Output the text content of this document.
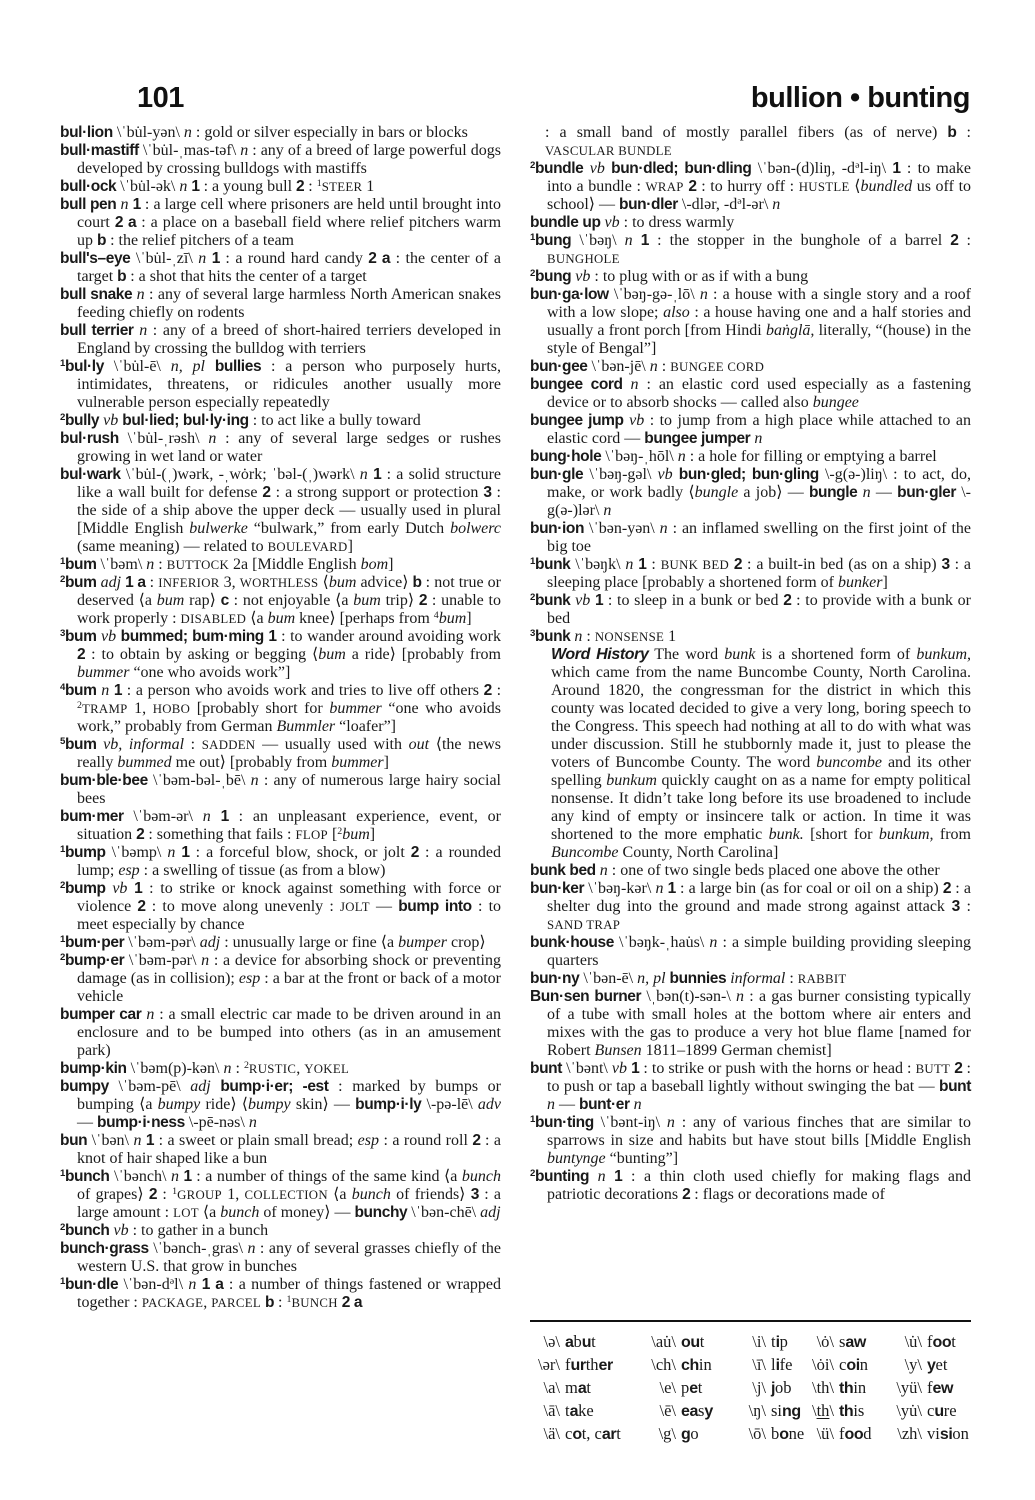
101	bullion • bunting

bul·lion \ˈbu̇l-yən\ n : gold or silver especially in bars or blocks

bull·mastiff \ˈbu̇l-ˌmas-təf\ n : any of a breed of large powerful dogs developed by crossing bulldogs with mastiffs

bull·ock \ˈbu̇l-ək\ n 1 : a young bull 2 : $^1$STEER 1

bull pen n 1 : a large cell where prisoners are held until brought into court 2 a : a place on a baseball field where relief pitchers warm up b : the relief pitchers of a team

bull's–eye \ˈbu̇l-ˌzī\ n 1 : a round hard candy 2 a : the center of a target b : a shot that hits the center of a target

bull snake n : any of several large harmless North American snakes feeding chiefly on rodents

bull terrier n : any of a breed of short-haired terriers developed in England by crossing the bulldog with terriers

$^1$bul·ly \ˈbu̇l-ē\ n, pl bullies : a person who purposely hurts, intimidates, threatens, or ridicules another usually more vulnerable person especially repeatedly

$^2$bully vb bul·lied; bul·ly·ing : to act like a bully toward

bul·rush \ˈbu̇l-ˌrəsh\ n : any of several large sedges or rushes growing in wet land or water

bul·wark \ˈbu̇l-(ˌ)wərk, -ˌwȯrk; ˈbəl-(ˌ)wərk\ n 1 : a solid structure like a wall built for defense 2 : a strong support or protection 3 : the side of a ship above the upper deck — usually used in plural [Middle English bulwerke “bulwark,” from early Dutch bolwerc (same meaning) — related to BOULEVARD]

$^1$bum \ˈbəm\ n : BUTTOCK 2a [Middle English bom]

$^2$bum adj 1 a : INFERIOR 3, WORTHLESS ⟨bum advice⟩ b : not true or deserved ⟨a bum rap⟩ c : not enjoyable ⟨a bum trip⟩ 2 : unable to work properly : DISABLED ⟨a bum knee⟩ [perhaps from $^4$bum]

$^3$bum vb bummed; bum·ming 1 : to wander around avoiding work 2 : to obtain by asking or begging ⟨bum a ride⟩ [probably from bummer “one who avoids work”]

$^4$bum n 1 : a person who avoids work and tries to live off others 2 : $^2$TRAMP 1, HOBO [probably short for bummer “one who avoids work,” probably from German Bummler “loafer”]

$^5$bum vb, informal : SADDEN — usually used with out ⟨the news really bummed me out⟩ [probably from bummer]

bum·ble·bee \ˈbəm-bəl-ˌbē\ n : any of numerous large hairy social bees

bum·mer \ˈbəm-ər\ n 1 : an unpleasant experience, event, or situation 2 : something that fails : FLOP [$^2$bum]

$^1$bump \ˈbəmp\ n 1 : a forceful blow, shock, or jolt 2 : a rounded lump; esp : a swelling of tissue (as from a blow)

$^2$bump vb 1 : to strike or knock against something with force or violence 2 : to move along unevenly : JOLT — bump into : to meet especially by chance

$^1$bum·per \ˈbəm-pər\ adj : unusually large or fine ⟨a bumper crop⟩

$^2$bump·er \ˈbəm-pər\ n : a device for absorbing shock or preventing damage (as in collision); esp : a bar at the front or back of a motor vehicle

bumper car n : a small electric car made to be driven around in an enclosure and to be bumped into others (as in an amusement park)

bump·kin \ˈbəm(p)-kən\ n : $^2$RUSTIC, YOKEL

bumpy \ˈbəm-pē\ adj bump·i·er; -est : marked by bumps or bumping ⟨a bumpy ride⟩ ⟨bumpy skin⟩ — bump·i·ly \-pə-lē\ adv — bump·i·ness \-pē-nəs\ n

bun \ˈbən\ n 1 : a sweet or plain small bread; esp : a round roll 2 : a knot of hair shaped like a bun

$^1$bunch \ˈbənch\ n 1 : a number of things of the same kind ⟨a bunch of grapes⟩ 2 : $^1$GROUP 1, COLLECTION ⟨a bunch of friends⟩ 3 : a large amount : LOT ⟨a bunch of money⟩ — bunchy \ˈbən-chē\ adj

$^2$bunch vb : to gather in a bunch

bunch·grass \ˈbənch-ˌgras\ n : any of several grasses chiefly of the western U.S. that grow in bunches

$^1$bun·dle $\backslash ˈbən-d^əl\backslash$ n 1 a : a number of things fastened or wrapped together : PACKAGE, PARCEL b : $^1$BUNCH 2 a

: a small band of mostly parallel fibers (as of nerve) b : VASCULAR BUNDLE

$^2$bundle vb bun·dled; bun·dling \ˈbən-(d)liŋ, $-d^əl-iŋ\backslash$ 1 : to make into a bundle : WRAP 2 : to hurry off : HUSTLE ⟨bundled us off to school⟩ — bun·dler \-dlər, $-d^əl-ər\backslash$ n

bundle up vb : to dress warmly

$^1$bung \ˈbəŋ\ n 1 : the stopper in the bunghole of a barrel 2 : BUNGHOLE

$^2$bung vb : to plug with or as if with a bung

bun·ga·low \ˈbəŋ-gə-ˌlō\ n : a house with a single story and a roof with a low slope; also : a house having one and a half stories and usually a front porch [from Hindi baṅglā, literally, “(house) in the style of Bengal”]

bun·gee \ˈbən-jē\ n : BUNGEE CORD

bungee cord n : an elastic cord used especially as a fastening device or to absorb shocks — called also bungee

bungee jump vb : to jump from a high place while attached to an elastic cord — bungee jumper n

bung·hole \ˈbəŋ-ˌhōl\ n : a hole for filling or emptying a barrel

bun·gle \ˈbəŋ-gəl\ vb bun·gled; bun·gling \-g(ə-)liŋ\ : to act, do, make, or work badly ⟨bungle a job⟩ — bungle n — bun·gler \-g(ə-)lər\ n

bun·ion \ˈbən-yən\ n : an inflamed swelling on the first joint of the big toe

$^1$bunk \ˈbəŋk\ n 1 : BUNK BED 2 : a built-in bed (as on a ship) 3 : a sleeping place [probably a shortened form of bunker]

$^2$bunk vb 1 : to sleep in a bunk or bed 2 : to provide with a bunk or bed

$^3$bunk n : NONSENSE 1

Word History The word bunk is a shortened form of bunkum, which came from the name Buncombe County, North Carolina. Around 1820, the congressman for the district in which this county was located decided to give a very long, boring speech to the Congress. This speech had nothing at all to do with what was under discussion. Still he stubbornly made it, just to please the voters of Buncombe County. The word buncombe and its other spelling bunkum quickly caught on as a name for empty political nonsense. It didn’t take long before its use broadened to include any kind of empty or insincere talk or action. In time it was shortened to the more emphatic bunk. [short for bunkum, from Buncombe County, North Carolina]

bunk bed n : one of two single beds placed one above the other

bun·ker \ˈbəŋ-kər\ n 1 : a large bin (as for coal or oil on a ship) 2 : a shelter dug into the ground and made strong against attack 3 : SAND TRAP

bunk·house \ˈbəŋk-ˌhau̇s\ n : a simple building providing sleeping quarters

bun·ny \ˈbən-ē\ n, pl bunnies informal : RABBIT

Bun·sen burner \ˌbən(t)-sən-\ n : a gas burner consisting typically of a tube with small holes at the bottom where air enters and mixes with the gas to produce a very hot blue flame [named for Robert Bunsen 1811–1899 German chemist]

bunt \ˈbənt\ vb 1 : to strike or push with the horns or head : BUTT 2 : to push or tap a baseball lightly without swinging the bat — bunt n — bunt·er n

$^1$bun·ting \ˈbənt-iŋ\ n : any of various finches that are similar to sparrows in size and habits but have stout bills [Middle English buntynge “bunting”]

$^2$bunting n 1 : a thin cloth used chiefly for making flags and patriotic decorations 2 : flags or decorations made of

\ə\ abut	\au̇\ out	\i\ tip	\ȯ\ saw	\u̇\ foot
\ər\ further	\ch\ chin	\ī\ life	\ȯi\ coin	\y\ yet
\a\ mat	\e\ pet	\j\ job	\th\ thin	\yü\ few
\ā\ take	\ē\ easy	\ŋ\ sing \th\ this	\yu̇\ cure
\ä\ cot, cart	\g\ go	\ō\ bone \ü\ food	\zh\ vision
